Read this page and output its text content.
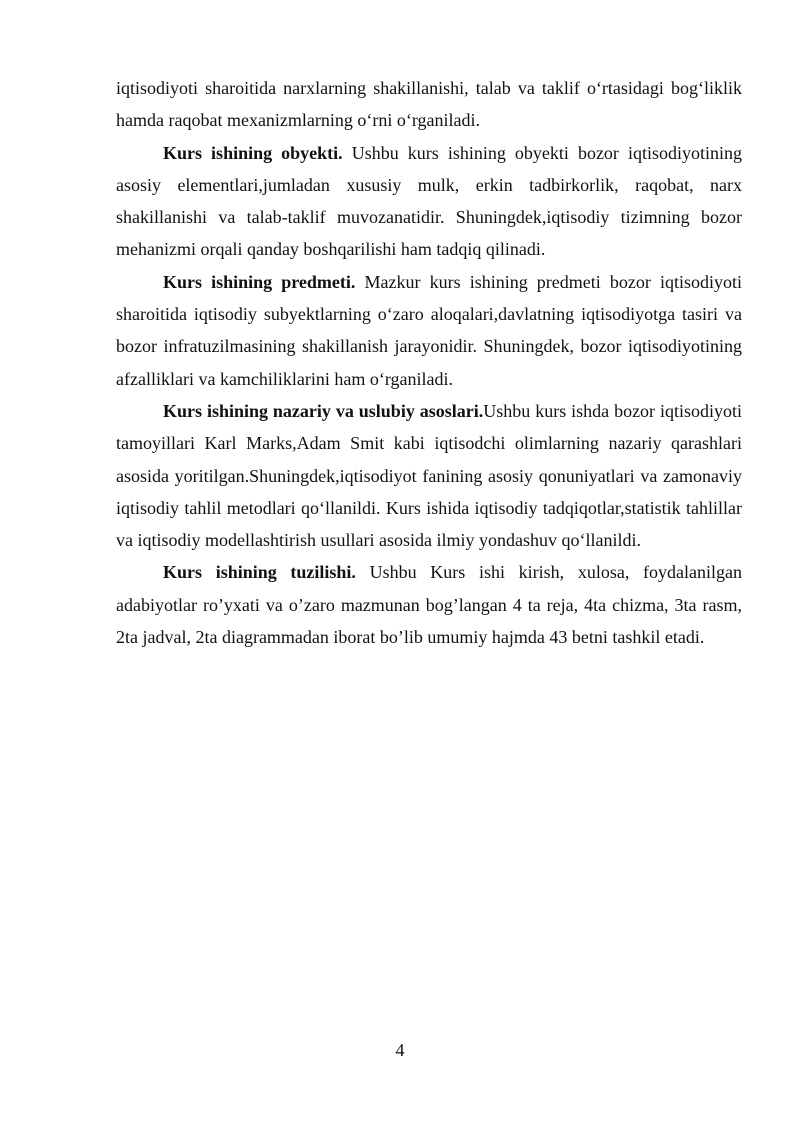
iqtisodiyoti sharoitida narxlarning shakillanishi, talab va taklif o‘rtasidagi bog‘liklik hamda raqobat mexanizmlarning o‘rni o‘rganiladi.

Kurs ishining obyekti. Ushbu kurs ishining obyekti bozor iqtisodiyotining asosiy elementlari,jumladan xususiy mulk, erkin tadbirkorlik, raqobat, narx shakillanishi va talab-taklif muvozanatidir. Shuningdek,iqtisodiy tizimning bozor mehanizmi orqali qanday boshqarilishi ham tadqiq qilinadi.

Kurs ishining predmeti. Mazkur kurs ishining predmeti bozor iqtisodiyoti sharoitida iqtisodiy subyektlarning o‘zaro aloqalari,davlatning iqtisodiyotga tasiri va bozor infratuzilmasining shakillanish jarayonidir. Shuningdek, bozor iqtisodiyotining afzalliklari va kamchiliklarini ham o‘rganiladi.

Kurs ishining nazariy va uslubiy asoslari.Ushbu kurs ishda bozor iqtisodiyoti tamoyillari Karl Marks,Adam Smit kabi iqtisodchi olimlarning nazariy qarashlari asosida yoritilgan.Shuningdek,iqtisodiyot fanining asosiy qonuniyatlari va zamonaviy iqtisodiy tahlil metodlari qo‘llanildi. Kurs ishida iqtisodiy tadqiqotlar,statistik tahlillar va iqtisodiy modellashtirish usullari asosida ilmiy yondashuv qo‘llanildi.

Kurs ishining tuzilishi. Ushbu Kurs ishi kirish, xulosa, foydalanilgan adabiyotlar ro’yxati va o’zaro mazmunan bog’langan 4 ta reja, 4ta chizma, 3ta rasm, 2ta jadval, 2ta diagrammadan iborat bo’lib umumiy hajmda 43 betni tashkil etadi.

4
